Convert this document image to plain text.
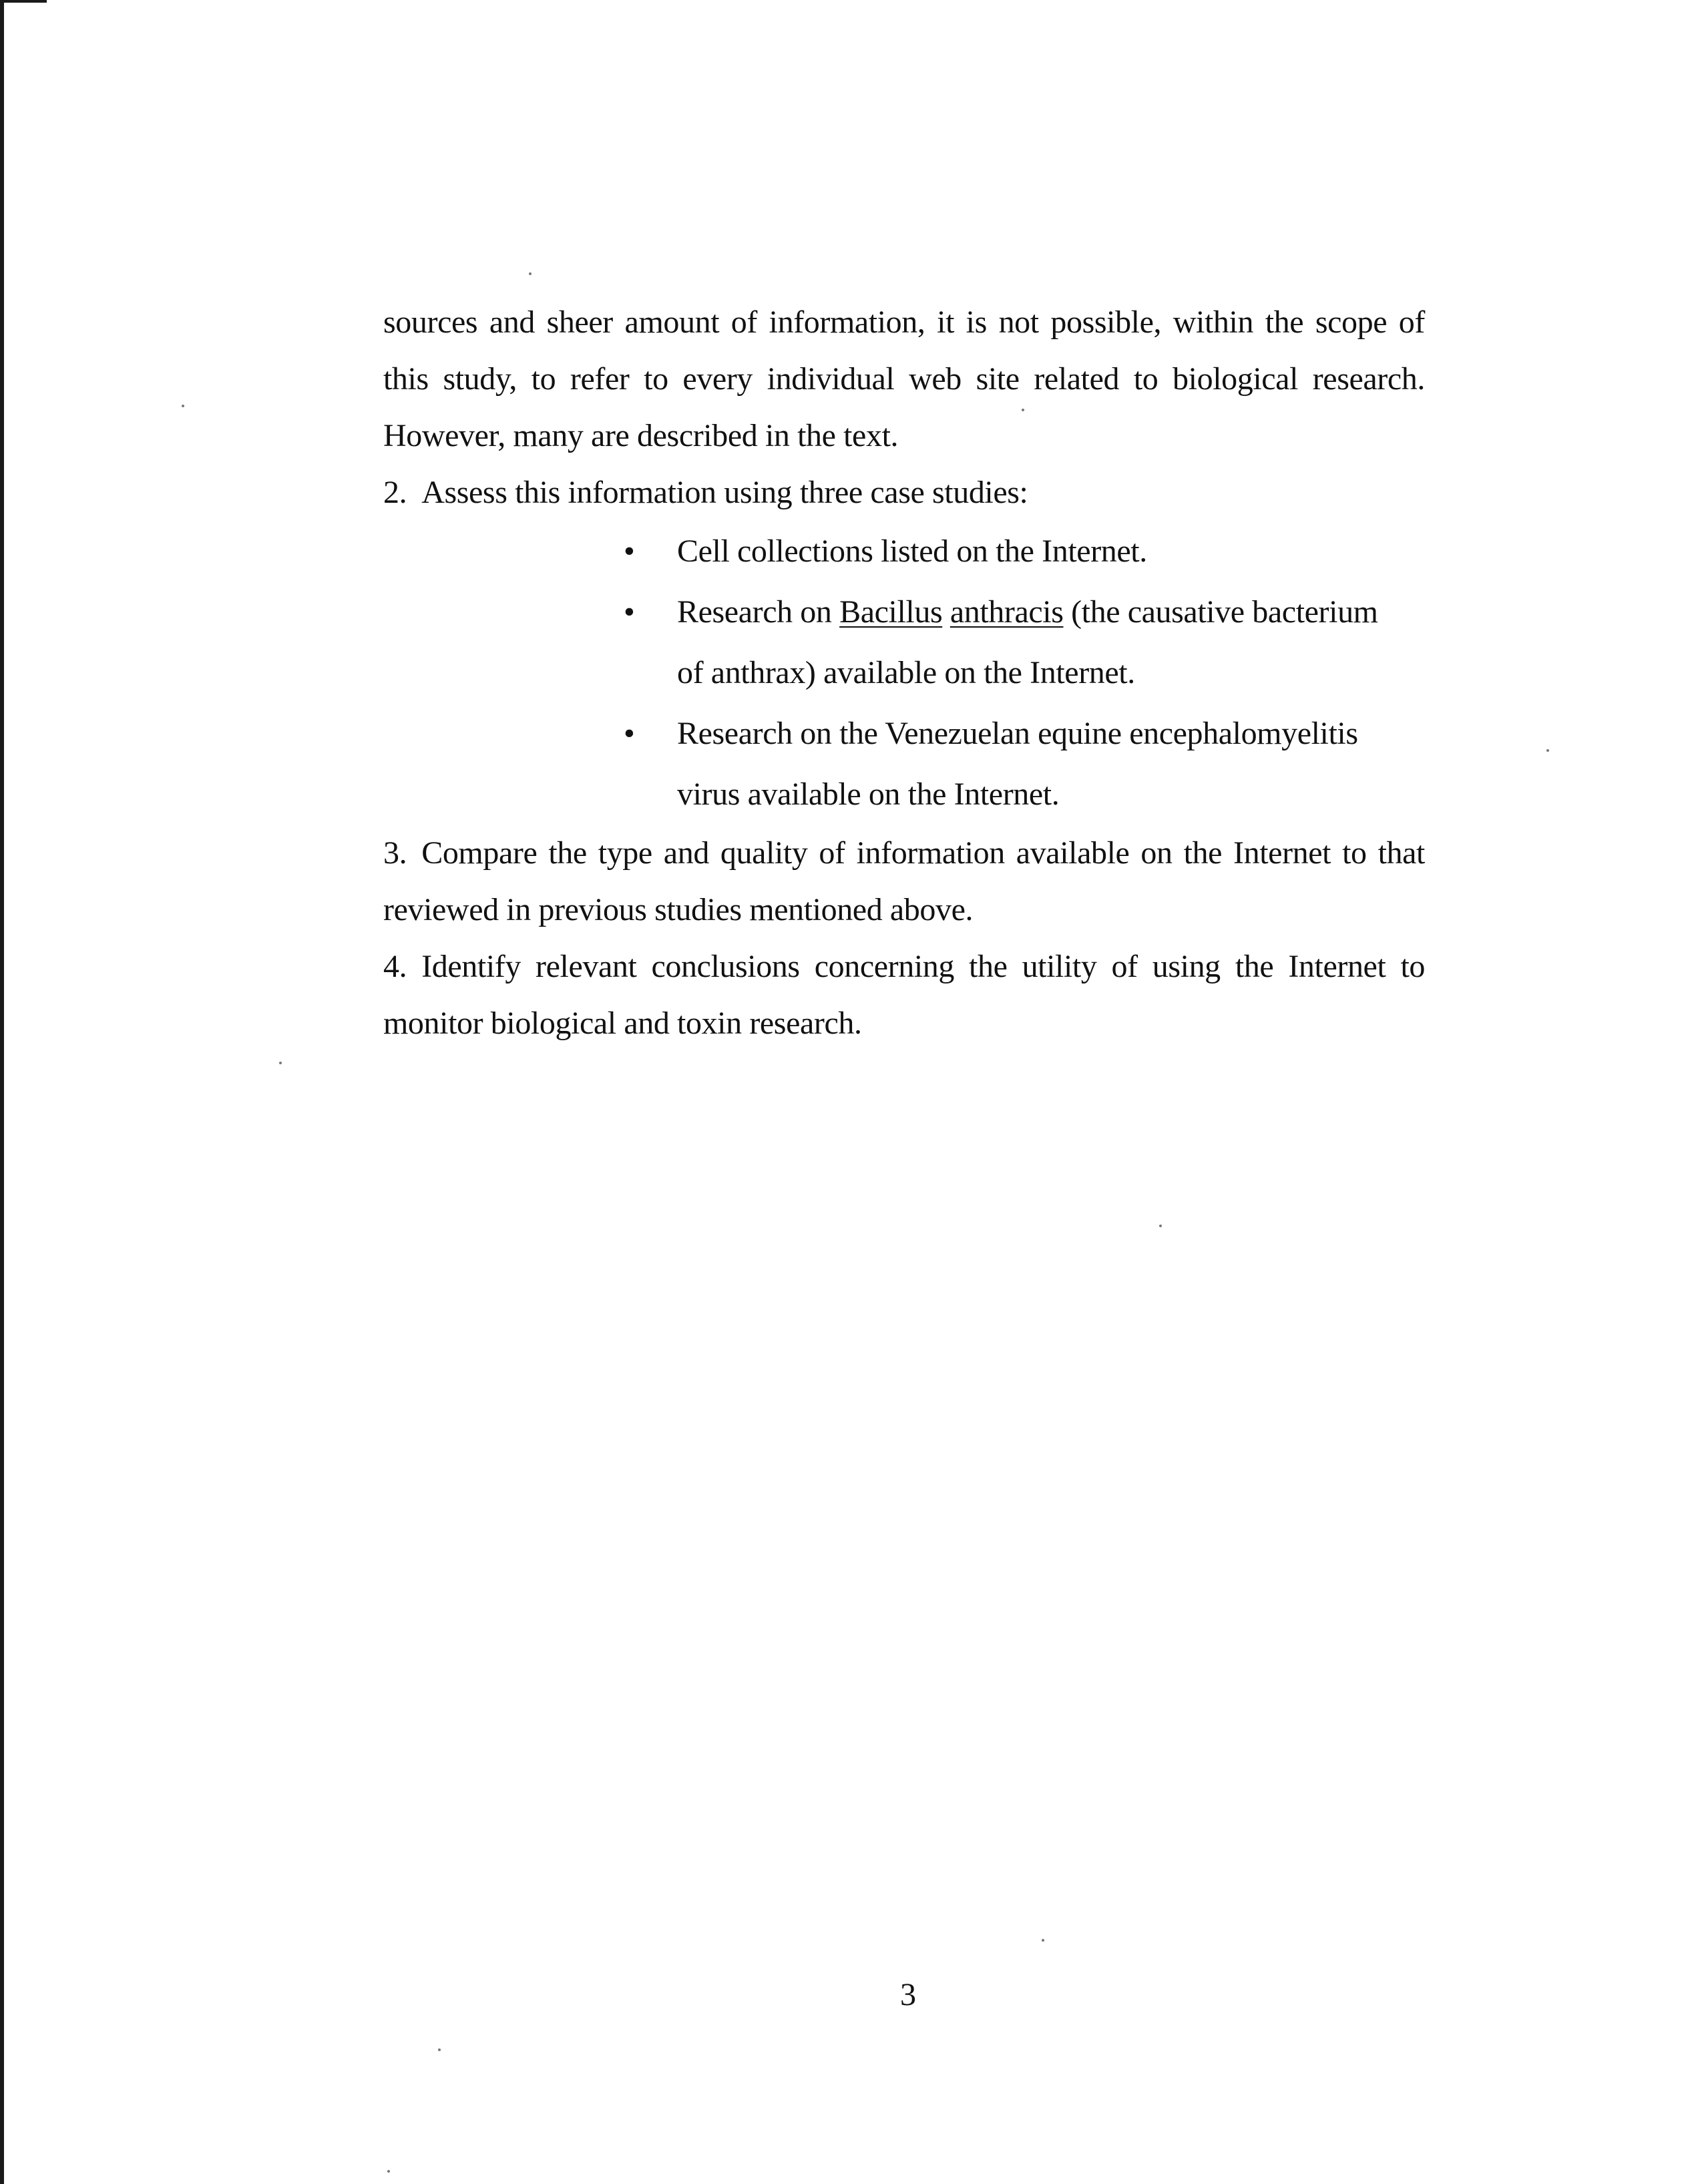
sources and sheer amount of information, it is not possible, within the scope of this study, to refer to every individual web site related to biological research. However, many are described in the text.

2. Assess this information using three case studies:

• Cell collections listed on the Internet.
• Research on Bacillus anthracis (the causative bacterium of anthrax) available on the Internet.
• Research on the Venezuelan equine encephalomyelitis virus available on the Internet.

3. Compare the type and quality of information available on the Internet to that reviewed in previous studies mentioned above.

4. Identify relevant conclusions concerning the utility of using the Internet to monitor biological and toxin research.

3
